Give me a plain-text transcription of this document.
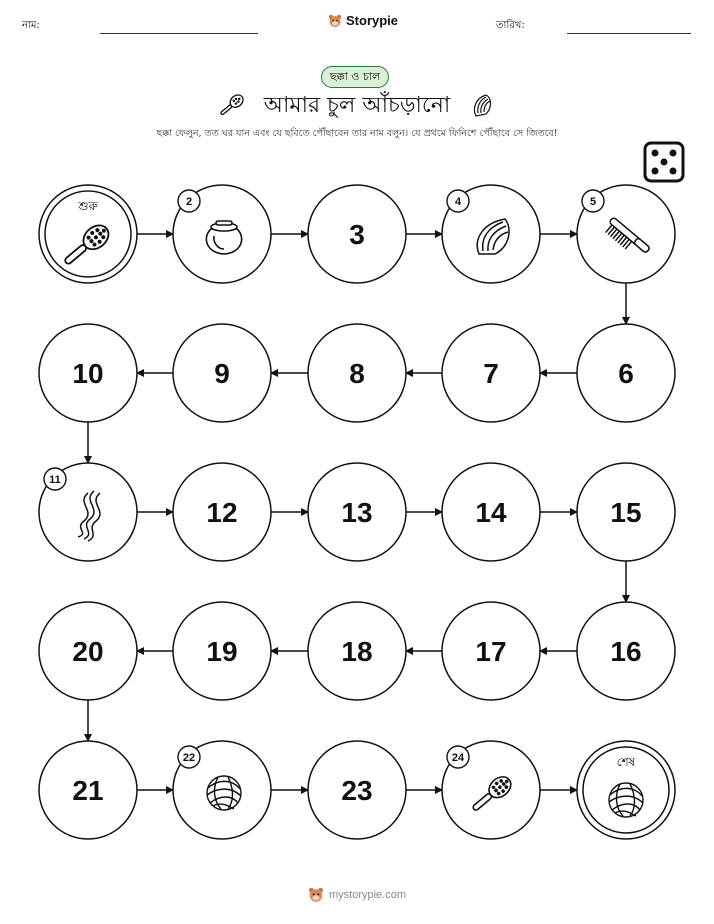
নাম:	Storypie	তারিখ:
ছক্কা ও চাল
আমার চুল আঁচড়ানো
ছক্কা ফেলুন, তত ঘর যান এবং যে ছবিতে পৌঁছাবেন তার নাম বলুন। যে প্রথমে ফিনিশে পৌঁছাবে সে জিতবে!
শুরু	2
3
4	5
6
7
8
9
10
11
12	13	14	15
16
17
18
19
20
21
22
23
24	শেষ
mystorypie.com
